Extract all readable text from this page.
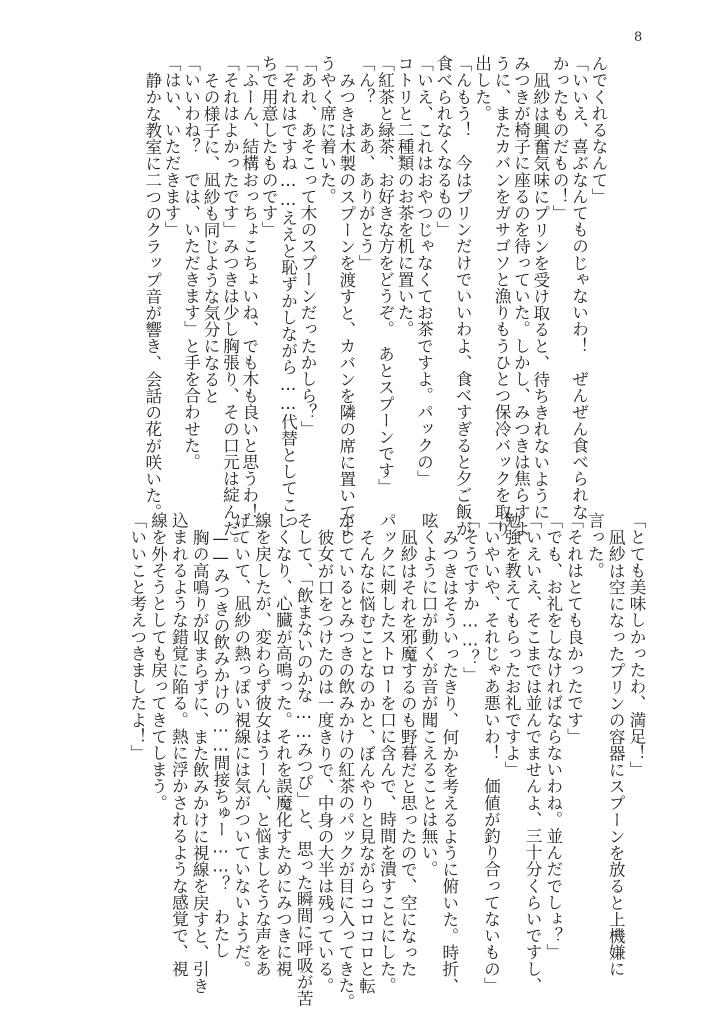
8
んでくれるなんて」
「いいえ、喜ぶなんてものじゃないわ！　ぜんぜん食べられな
かったものだもの！」
凪紗は興奮気味にプリンを受け取ると、待ちきれないように
みつきが椅子に座るのを待っていた。しかし、みつきは焦らすよ
うに、またカバンをガサゴソと漁りもうひとつ保冷バックを取り
出した。
「んもう！　今はプリンだけでいいわよ、食べすぎると夕ご飯が
食べられなくなるもの」
「いえ、これはおやつじゃなくてお茶ですよ。パックの」
コトリと二種類のお茶を机に置いた。
「紅茶と緑茶、お好きな方をどうぞ。　あとスプーンです」
「ん？　ああ、ありがとう」
みつきは木製のスプーンを渡すと、カバンを隣の席に置いてよ
うやく席に着いた。
「あれ、あそこって木のスプーンだったかしら？」
「それはですね……ええと恥ずかしながら……代替としてこっ
ちで用意したものです」
「ふーん、結構おっちょこちょいね、でも木も良いと思うわ！」
「それはよかったです」みつきは少し胸張り、その口元は綻んだ。
その様子に、凪紗も同じような気分になると
「いいわね？　では、いただきます」と手を合わせた。
「はい、いただきます」
静かな教室に二つのクラップ音が響き、会話の花が咲いた。
「とても美味しかったわ、満足！」
凪紗は空になったプリンの容器にスプーンを放ると上機嫌に
言った。
「それはとても良かったです」
「でも、お礼をしなければならないわね。並んだでしょ？」
「いえいえ、そこまでは並んでませんよ、三十分くらいですし、
勉強を教えてもらったお礼ですよ」
「いやいや、それじゃあ悪いわ！　価値が釣り合ってないもの」
「そうですか……？」
みつきはそういったきり、何かを考えるように俯いた。時折、
呟くように口が動くが音が聞こえることは無い。
凪紗はそれを邪魔するのも野暮だと思ったので、空になった
パックに刺したストローを口に含んで、時間を潰すことにした。
そんなに悩むことなのかと、ぼんやりと見ながらコロコロと転
がしているとみつきの飲みかけの紅茶のパックが目に入ってきた。
彼女が口をつけたのは一度きりで、中身の大半は残っている。
そして、「飲まないのかな……みつぴ」と、思った瞬間に呼吸が苦
しくなり、心臓が高鳴った。それを誤魔化すためにみつきに視
線を戻したが、変わらず彼女はうーん、と悩ましそうな声をあ
げていて、凪紗の熱っぽい視線には気がついていないようだ。
——みつきの飲みかけの……間接ちゅー……？　わたし
胸の高鳴りが収まらずに、また飲みかけに視線を戻すと、引き
込まれるような錯覚に陥る。熱に浮かされるような感覚で、視
線を外そうとしても戻ってきてしまう。
「いいこと考えつきましたよ！」
